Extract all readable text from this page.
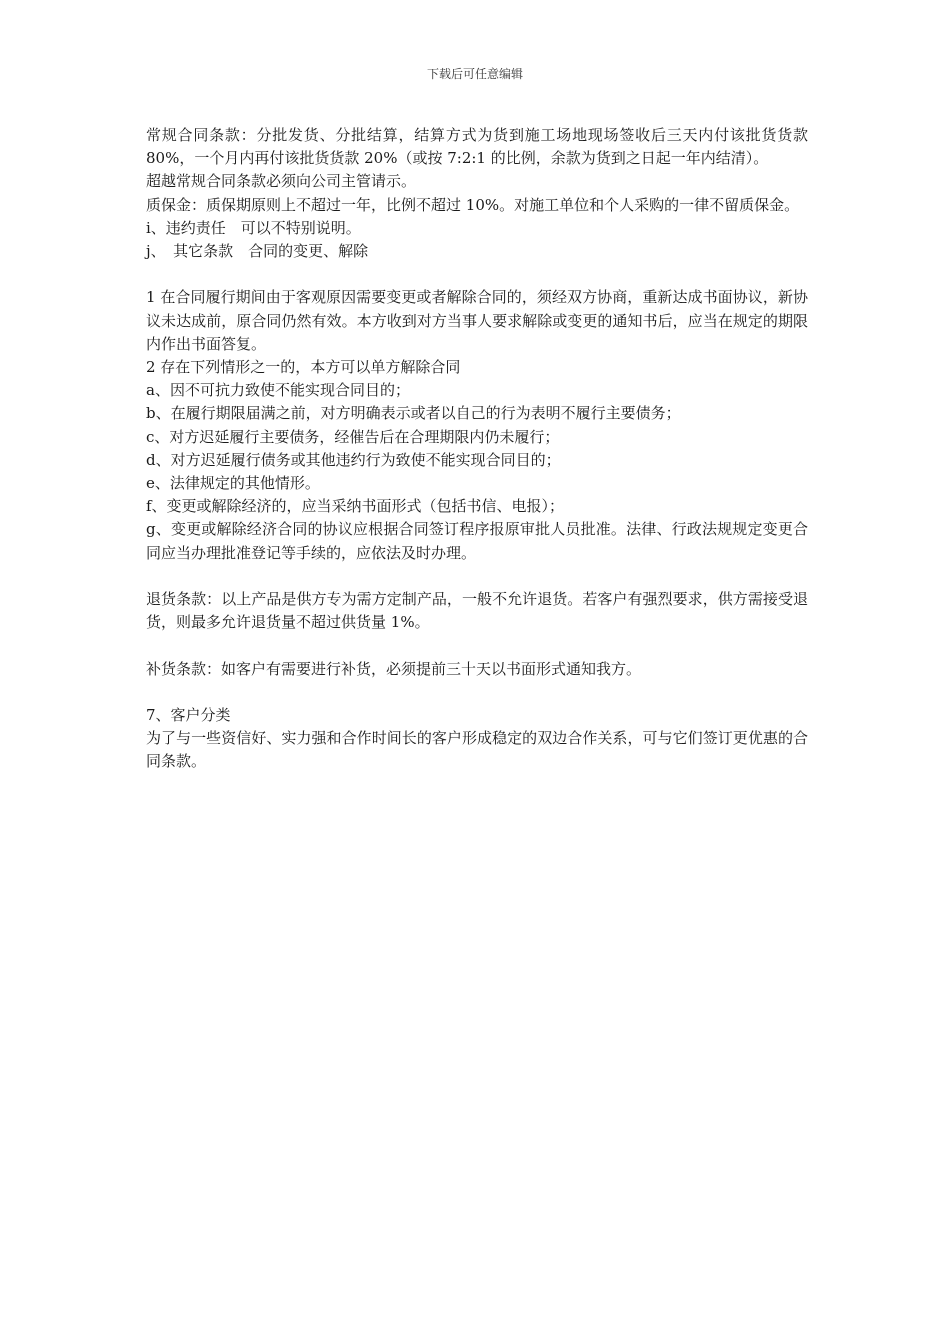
下载后可任意编辑

常规合同条款：分批发货、分批结算，结算方式为货到施工场地现场签收后三天内付该批货货款 80%，一个月内再付该批货货款 20%（或按 7:2:1 的比例，余款为货到之日起一年内结清）。

超越常规合同条款必须向公司主管请示。

质保金：质保期原则上不超过一年，比例不超过 10%。对施工单位和个人采购的一律不留质保金。

i、违约责任　可以不特别说明。

j、　其它条款　合同的变更、解除

1 在合同履行期间由于客观原因需要变更或者解除合同的，须经双方协商，重新达成书面协议，新协议未达成前，原合同仍然有效。本方收到对方当事人要求解除或变更的通知书后，应当在规定的期限内作出书面答复。

2 存在下列情形之一的，本方可以单方解除合同

a、因不可抗力致使不能实现合同目的；

b、在履行期限届满之前，对方明确表示或者以自己的行为表明不履行主要债务；

c、对方迟延履行主要债务，经催告后在合理期限内仍未履行；

d、对方迟延履行债务或其他违约行为致使不能实现合同目的；

e、法律规定的其他情形。

f、变更或解除经济的，应当采纳书面形式（包括书信、电报）；

g、变更或解除经济合同的协议应根据合同签订程序报原审批人员批准。法律、行政法规规定变更合同应当办理批准登记等手续的，应依法及时办理。

退货条款：以上产品是供方专为需方定制产品，一般不允许退货。若客户有强烈要求，供方需接受退货，则最多允许退货量不超过供货量 1%。

补货条款：如客户有需要进行补货，必须提前三十天以书面形式通知我方。

7、客户分类

为了与一些资信好、实力强和合作时间长的客户形成稳定的双边合作关系，可与它们签订更优惠的合同条款。
